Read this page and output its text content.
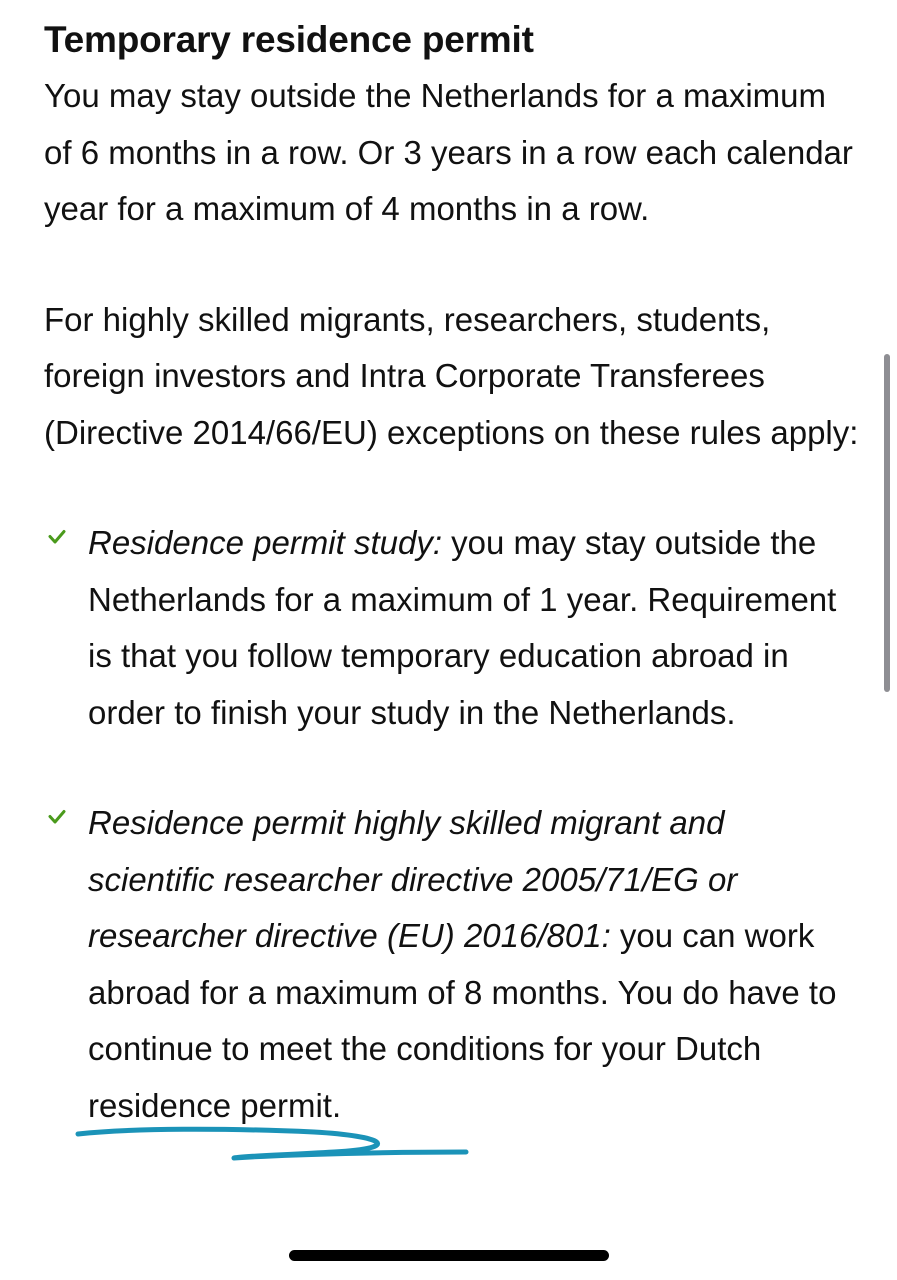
Temporary residence permit

You may stay outside the Netherlands for a maximum of 6 months in a row. Or 3 years in a row each calendar year for a maximum of 4 months in a row.

For highly skilled migrants, researchers, students, foreign investors and Intra Corporate Transferees (Directive 2014/66/EU) exceptions on these rules apply:

Residence permit study: you may stay outside the Netherlands for a maximum of 1 year. Requirement is that you follow temporary education abroad in order to finish your study in the Netherlands.
Residence permit highly skilled migrant and scientific researcher directive 2005/71/EG or researcher directive (EU) 2016/801: you can work abroad for a maximum of 8 months. You do have to continue to meet the conditions for your Dutch residence permit.
